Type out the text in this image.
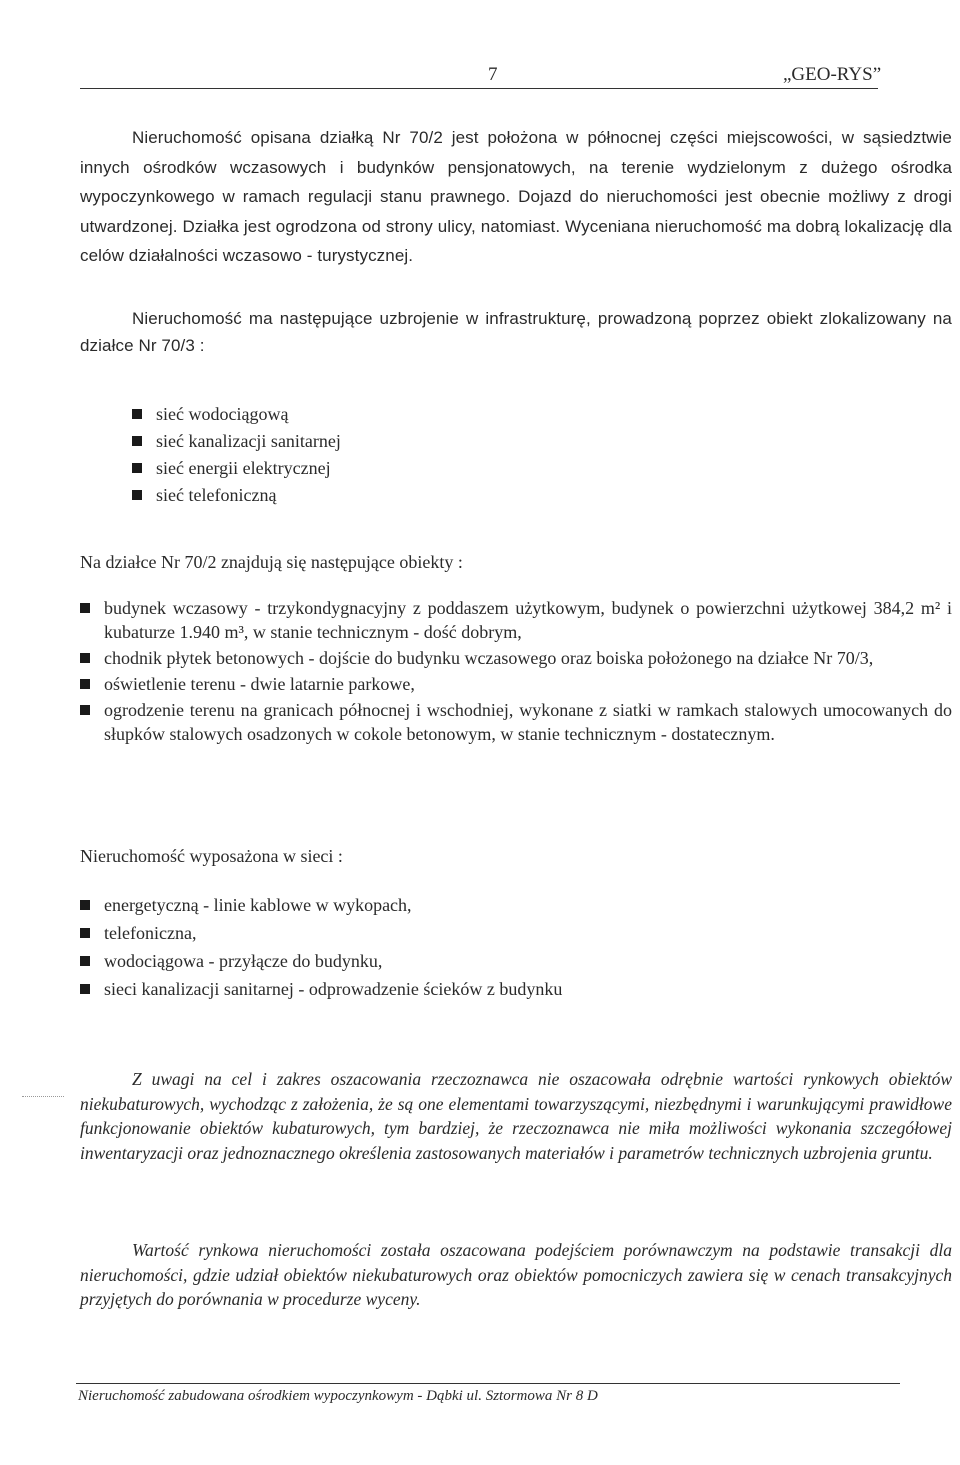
7	„GEO-RYS”

Nieruchomość opisana działką Nr 70/2 jest położona w północnej części miejscowości, w sąsiedztwie innych ośrodków wczasowych i budynków pensjonatowych, na terenie wydzielonym z dużego ośrodka wypoczynkowego w ramach regulacji stanu prawnego. Dojazd do nieruchomości jest obecnie możliwy z drogi utwardzonej. Działka jest ogrodzona od strony ulicy, natomiast. Wyceniana nieruchomość ma dobrą lokalizację dla celów działalności wczasowo - turystycznej.

Nieruchomość ma następujące uzbrojenie w infrastrukturę, prowadzoną poprzez obiekt zlokalizowany na działce Nr 70/3 :

sieć wodociągową
sieć kanalizacji sanitarnej
sieć energii elektrycznej
sieć telefoniczną
Na działce Nr 70/2 znajdują się następujące obiekty :
budynek wczasowy - trzykondygnacyjny z poddaszem użytkowym, budynek o powierzchni użytkowej 384,2 m² i kubaturze 1.940 m³, w stanie technicznym - dość dobrym,
chodnik płytek betonowych - dojście do budynku wczasowego oraz boiska położonego na działce Nr 70/3,
oświetlenie terenu - dwie latarnie parkowe,
ogrodzenie terenu na granicach północnej i wschodniej, wykonane z siatki w ramkach stalowych umocowanych do słupków stalowych osadzonych w cokole betonowym, w stanie technicznym - dostatecznym.
Nieruchomość wyposażona w sieci :
energetyczną - linie kablowe w wykopach,
telefoniczna,
wodociągowa - przyłącze do budynku,
sieci kanalizacji sanitarnej - odprowadzenie ścieków z budynku

Z uwagi na cel i zakres oszacowania rzeczoznawca nie oszacowała odrębnie wartości rynkowych obiektów niekubaturowych, wychodząc z założenia, że są one elementami towarzyszącymi, niezbędnymi i warunkującymi prawidłowe funkcjonowanie obiektów kubaturowych, tym bardziej, że rzeczoznawca nie miła możliwości wykonania szczegółowej inwentaryzacji oraz jednoznacznego określenia zastosowanych materiałów i parametrów technicznych uzbrojenia gruntu.

Wartość rynkowa nieruchomości została oszacowana podejściem porównawczym na podstawie transakcji dla nieruchomości, gdzie udział obiektów niekubaturowych oraz obiektów pomocniczych zawiera się w cenach transakcyjnych przyjętych do porównania w procedurze wyceny.

Nieruchomość zabudowana ośrodkiem wypoczynkowym - Dąbki ul. Sztormowa Nr 8 D
